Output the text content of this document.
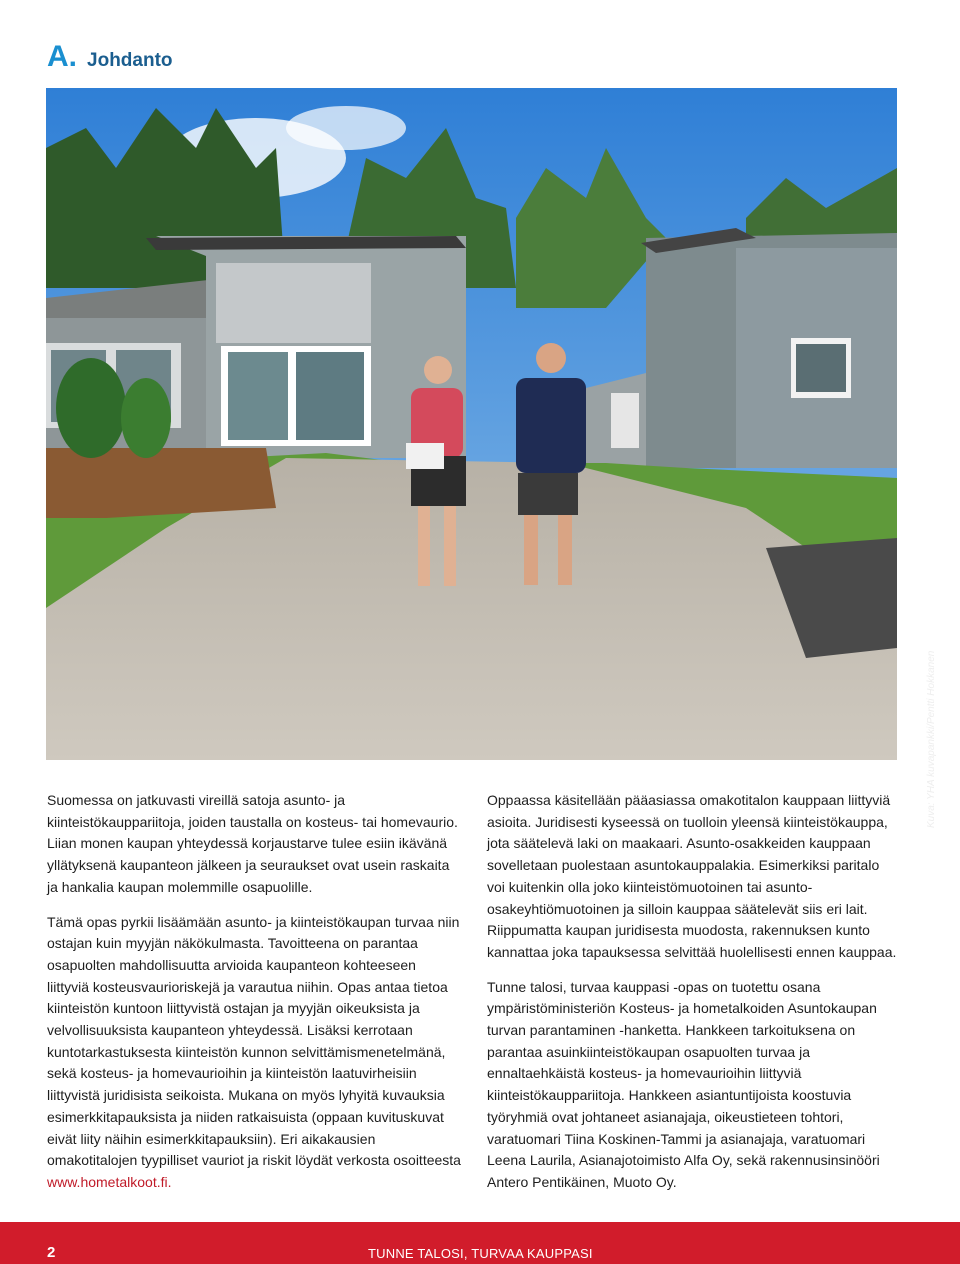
A . Johdanto
Kuva: YHA kuvapankki/Pentti Hokkanen

Suomessa on jatkuvasti vireillä satoja asunto- ja kiinteistökauppariitoja, joiden taustalla on kosteus- tai homevaurio. Liian monen kaupan yhteydessä korjaustarve tulee esiin ikävänä yllätyksenä kaupanteon jälkeen ja seuraukset ovat usein raskaita ja hankalia kaupan molemmille osapuolille.

Tämä opas pyrkii lisäämään asunto- ja kiinteistökaupan turvaa niin ostajan kuin myyjän näkökulmasta. Tavoitteena on parantaa osapuolten mahdollisuutta arvioida kaupanteon kohteeseen liittyviä kosteusvaurioriskejä ja varautua niihin. Opas antaa tietoa kiinteistön kuntoon liittyvistä ostajan ja myyjän oikeuksista ja velvollisuuksista kaupanteon yhteydessä. Lisäksi kerrotaan kuntotarkastuksesta kiinteistön kunnon selvittämismenetelmänä, sekä kosteus- ja homevaurioihin ja kiinteistön laatuvirheisiin liittyvistä juridisista seikoista. Mukana on myös lyhyitä kuvauksia esimerkkitapauksista ja niiden ratkaisuista (oppaan kuvituskuvat eivät liity näihin esimerkkitapauksiin). Eri aikakausien omakotitalojen tyypilliset vauriot ja riskit löydät verkosta osoitteesta www.hometalkoot.fi.

Oppaassa käsitellään pääasiassa omakotitalon kauppaan liittyviä asioita. Juridisesti kyseessä on tuolloin yleensä kiinteistökauppa, jota säätelevä laki on maakaari. Asunto-osakkeiden kauppaan sovelletaan puolestaan asuntokauppalakia. Esimerkiksi paritalo voi kuitenkin olla joko kiinteistömuotoinen tai asunto-osakeyhtiömuotoinen ja silloin kauppaa säätelevät siis eri lait. Riippumatta kaupan juridisesta muodosta, rakennuksen kunto kannattaa joka tapauksessa selvittää huolellisesti ennen kauppaa.

Tunne talosi, turvaa kauppasi -opas on tuotettu osana ympäristöministeriön Kosteus- ja hometalkoiden Asuntokaupan turvan parantaminen -hanketta. Hankkeen tarkoituksena on parantaa asuinkiinteistökaupan osapuolten turvaa ja ennaltaehkäistä kosteus- ja homevaurioihin liittyviä kiinteistökauppariitoja. Hankkeen asiantuntijoista koostuvia työryhmiä ovat johtaneet asianajaja, oikeustieteen tohtori, varatuomari Tiina Koskinen-Tammi ja asianajaja, varatuomari Leena Laurila, Asianajotoimisto Alfa Oy, sekä rakennusinsinööri Antero Pentikäinen, Muoto Oy.

2	TUNNE TALOSI, TURVAA KAUPPASI
